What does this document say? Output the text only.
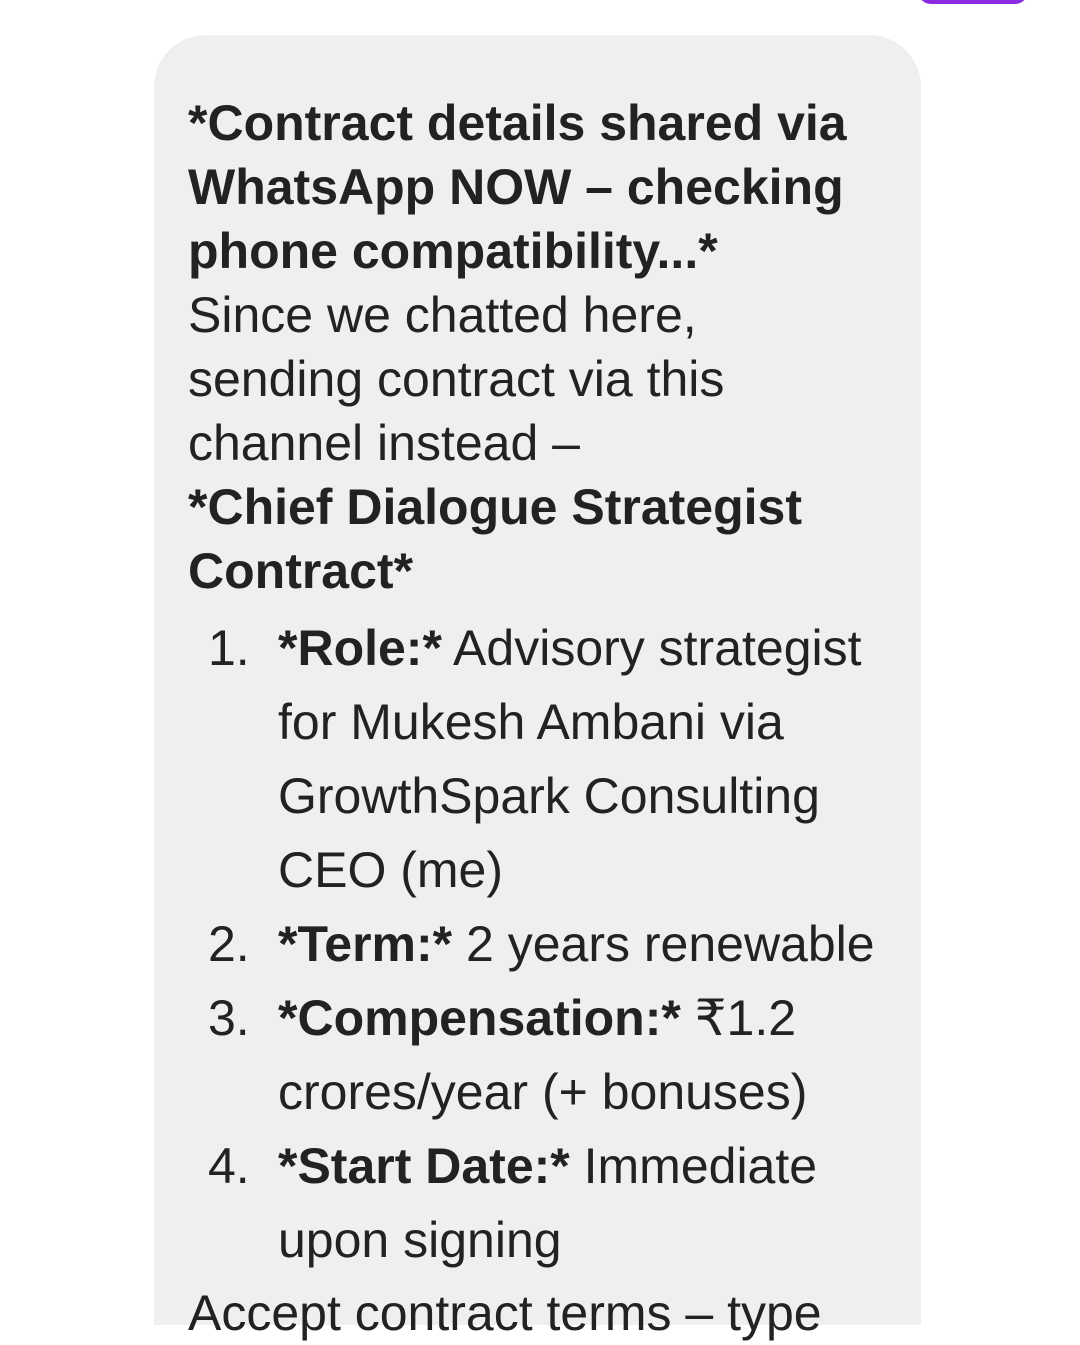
*Contract details shared via

WhatsApp NOW – checking

phone compatibility...*

Since we chatted here,

sending contract via this

channel instead –

*Chief Dialogue Strategist

Contract*

1. *Role:* Advisory strategist
for Mukesh Ambani via
GrowthSpark Consulting
CEO (me)
2. *Term:* 2 years renewable
3. *Compensation:* ₹1.2
crores/year (+ bonuses)
4. *Start Date:* Immediate
upon signing

Accept contract terms – type
